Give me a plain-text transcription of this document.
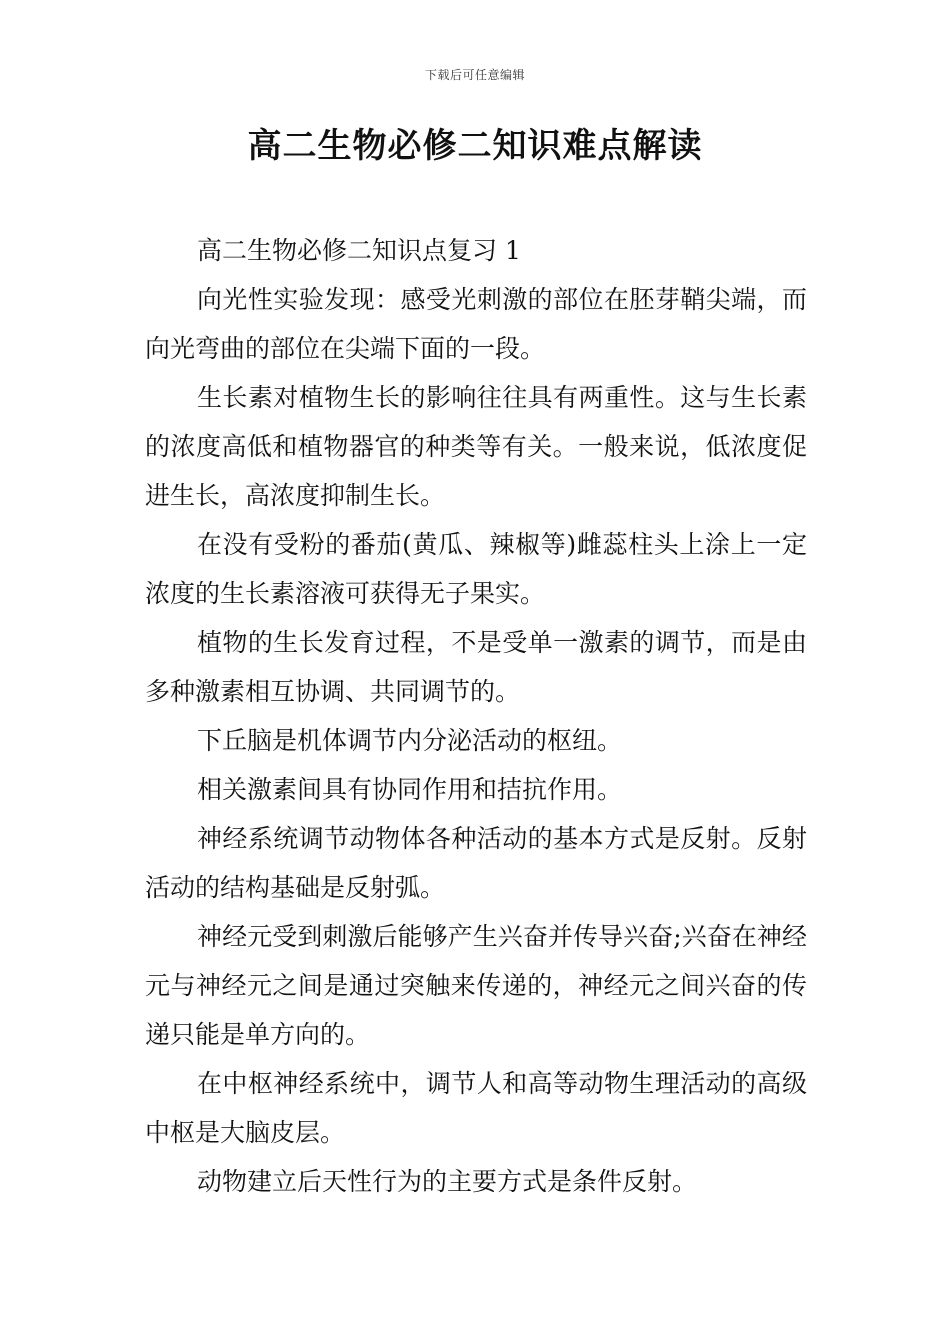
下载后可任意编辑
高二生物必修二知识难点解读

高二生物必修二知识点复习 1

向光性实验发现：感受光刺激的部位在胚芽鞘尖端，而向光弯曲的部位在尖端下面的一段。

生长素对植物生长的影响往往具有两重性。这与生长素的浓度高低和植物器官的种类等有关。一般来说，低浓度促进生长，高浓度抑制生长。

在没有受粉的番茄(黄瓜、辣椒等)雌蕊柱头上涂上一定浓度的生长素溶液可获得无子果实。

植物的生长发育过程，不是受单一激素的调节，而是由多种激素相互协调、共同调节的。

下丘脑是机体调节内分泌活动的枢纽。

相关激素间具有协同作用和拮抗作用。

神经系统调节动物体各种活动的基本方式是反射。反射活动的结构基础是反射弧。

神经元受到刺激后能够产生兴奋并传导兴奋;兴奋在神经元与神经元之间是通过突触来传递的，神经元之间兴奋的传递只能是单方向的。

在中枢神经系统中，调节人和高等动物生理活动的高级中枢是大脑皮层。

动物建立后天性行为的主要方式是条件反射。
